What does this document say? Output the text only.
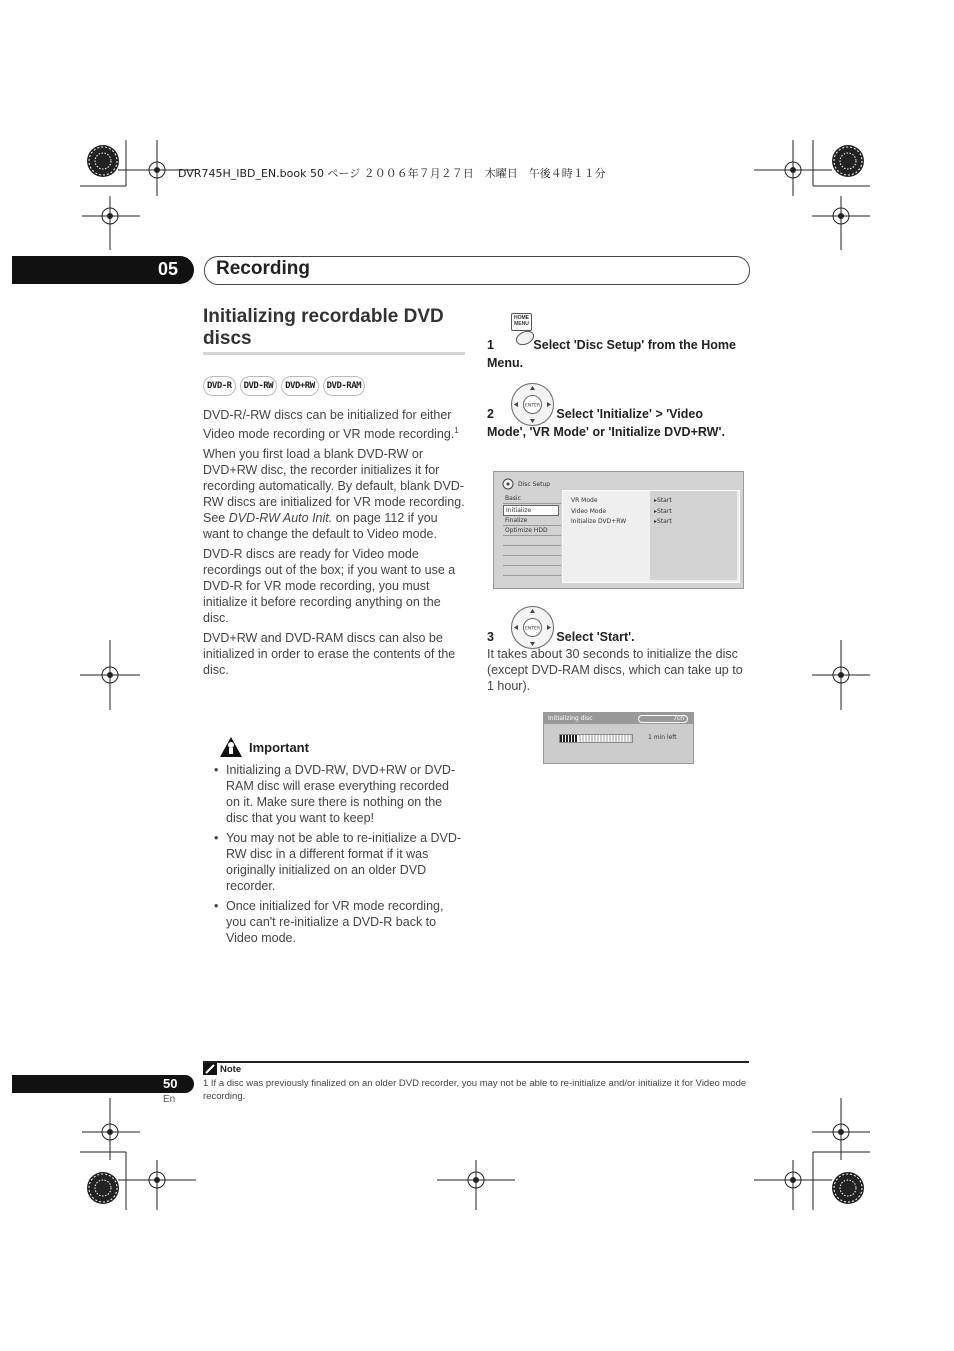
DVR745H_IBD_EN.book 50 ページ ２００６年７月２７日　木曜日　午後４時１１分
05 Recording
Initializing recordable DVD discs
DVD-R	DVD-RW	DVD+RW	DVD-RAM

DVD-R/-RW discs can be initialized for either Video mode recording or VR mode recording.$^1$

When you first load a blank DVD-RW or DVD+RW disc, the recorder initializes it for recording automatically. By default, blank DVD-RW discs are initialized for VR mode recording. See DVD-RW Auto Init. on page 112 if you want to change the default to Video mode.

DVD-R discs are ready for Video mode recordings out of the box; if you want to use a DVD-R for VR mode recording, you must initialize it before recording anything on the disc.

DVD+RW and DVD-RAM discs can also be initialized in order to erase the contents of the disc.

Important
• Initializing a DVD-RW, DVD+RW or DVD-RAM disc will erase everything recorded on it. Make sure there is nothing on the disc that you want to keep!
• You may not be able to re-initialize a DVD-RW disc in a different format if it was originally initialized on an older DVD recorder.
• Once initialized for VR mode recording, you can't re-initialize a DVD-R back to Video mode.
HOME
MENU
1	Select 'Disc Setup' from the Home Menu.
ENTER
2	Select 'Initialize' > 'Video Mode', 'VR Mode' or 'Initialize DVD+RW'.
Disc Setup
Basic
Initialize
Finalize
Optimize HDD
VR Mode
Video Mode
Initialize DVD+RW
▸Start
▸Start
▸Start
ENTER
3	Select 'Start'.
It takes about 30 seconds to initialize the disc (except DVD-RAM discs, which can take up to 1 hour).
Initializing disc	7ch
1 min left
Note
1 If a disc was previously finalized on an older DVD recorder, you may not be able to re-initialize and/or initialize it for Video mode recording.
50
En
